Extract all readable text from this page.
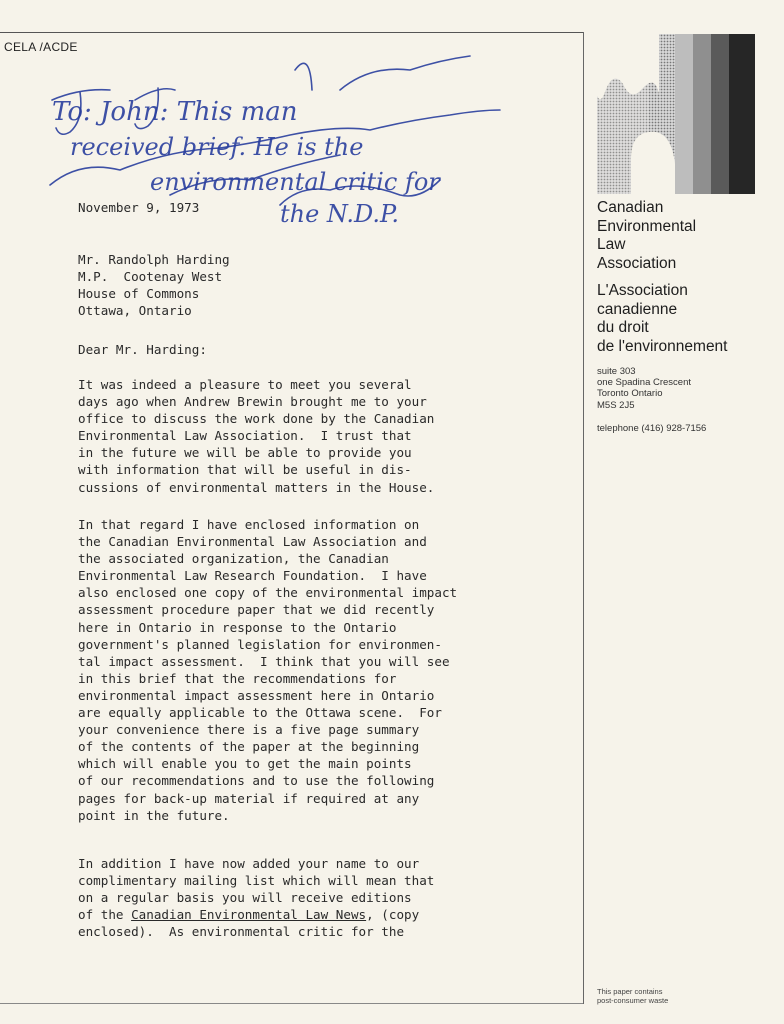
CELA /ACDE
To: John: This man
received brief. He is the
environmental critic for
the N.D.P.
November 9, 1973
Mr. Randolph Harding
M.P.  Cootenay West
House of Commons
Ottawa, Ontario
Dear Mr. Harding:
It was indeed a pleasure to meet you several
days ago when Andrew Brewin brought me to your
office to discuss the work done by the Canadian
Environmental Law Association.  I trust that
in the future we will be able to provide you
with information that will be useful in dis-
cussions of environmental matters in the House.
In that regard I have enclosed information on
the Canadian Environmental Law Association and
the associated organization, the Canadian
Environmental Law Research Foundation.  I have
also enclosed one copy of the environmental impact
assessment procedure paper that we did recently
here in Ontario in response to the Ontario
government's planned legislation for environmen-
tal impact assessment.  I think that you will see
in this brief that the recommendations for
environmental impact assessment here in Ontario
are equally applicable to the Ottawa scene.  For
your convenience there is a five page summary
of the contents of the paper at the beginning
which will enable you to get the main points
of our recommendations and to use the following
pages for back-up material if required at any
point in the future.
In addition I have now added your name to our
complimentary mailing list which will mean that
on a regular basis you will receive editions
of the Canadian Environmental Law News, (copy
enclosed).  As environmental critic for the
Canadian
Environmental
Law
Association
L'Association
canadienne
du droit
de l'environnement
suite 303
one Spadina Crescent
Toronto Ontario
M5S 2J5
telephone (416) 928-7156
This paper contains
post-consumer waste
